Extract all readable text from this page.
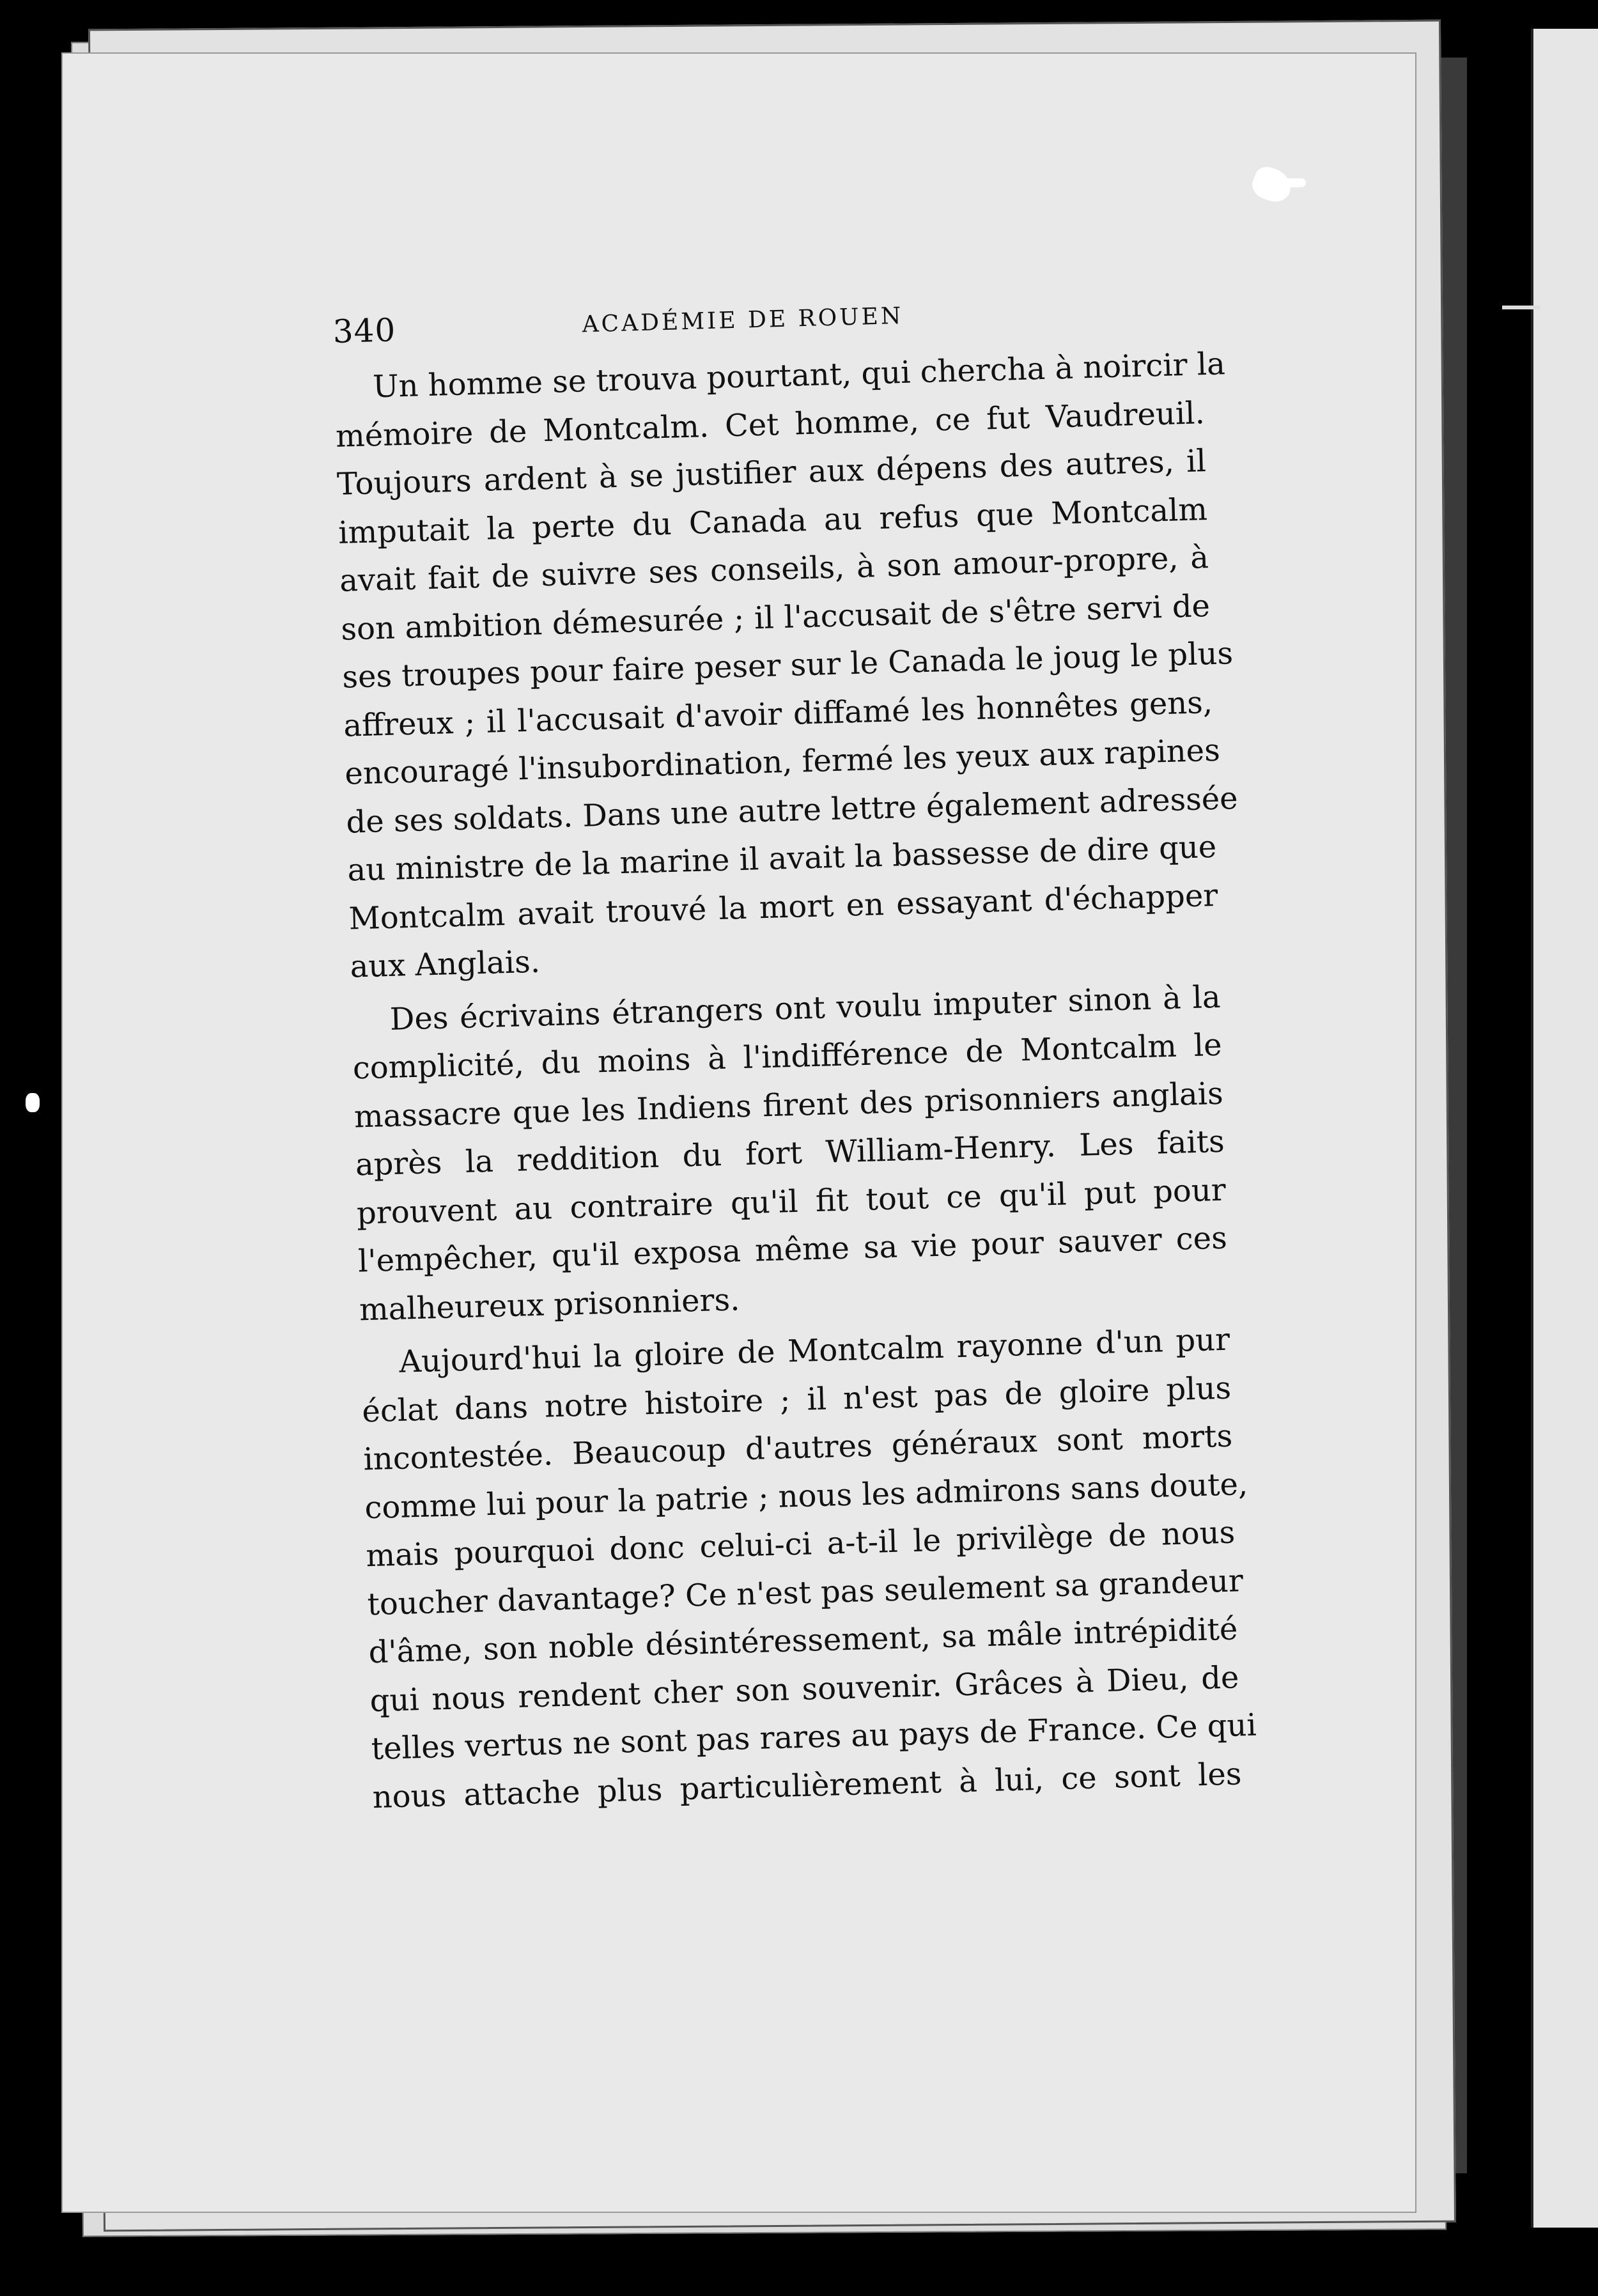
340	ACADÉMIE DE ROUEN
Un homme se trouva pourtant, qui chercha à noircir la
mémoire de Montcalm. Cet homme, ce fut Vaudreuil.
Toujours ardent à se justifier aux dépens des autres, il
imputait la perte du Canada au refus que Montcalm
avait fait de suivre ses conseils, à son amour-propre, à
son ambition démesurée ; il l'accusait de s'être servi de
ses troupes pour faire peser sur le Canada le joug le plus
affreux ; il l'accusait d'avoir diffamé les honnêtes gens,
encouragé l'insubordination, fermé les yeux aux rapines
de ses soldats. Dans une autre lettre également adressée
au ministre de la marine il avait la bassesse de dire que
Montcalm avait trouvé la mort en essayant d'échapper
aux Anglais.
Des écrivains étrangers ont voulu imputer sinon à la
complicité, du moins à l'indifférence de Montcalm le
massacre que les Indiens firent des prisonniers anglais
après la reddition du fort William-Henry. Les faits
prouvent au contraire qu'il fit tout ce qu'il put pour
l'empêcher, qu'il exposa même sa vie pour sauver ces
malheureux prisonniers.
Aujourd'hui la gloire de Montcalm rayonne d'un pur
éclat dans notre histoire ; il n'est pas de gloire plus
incontestée. Beaucoup d'autres généraux sont morts
comme lui pour la patrie ; nous les admirons sans doute,
mais pourquoi donc celui-ci a-t-il le privilège de nous
toucher davantage? Ce n'est pas seulement sa grandeur
d'âme, son noble désintéressement, sa mâle intrépidité
qui nous rendent cher son souvenir. Grâces à Dieu, de
telles vertus ne sont pas rares au pays de France. Ce qui
nous attache plus particulièrement à lui, ce sont les
